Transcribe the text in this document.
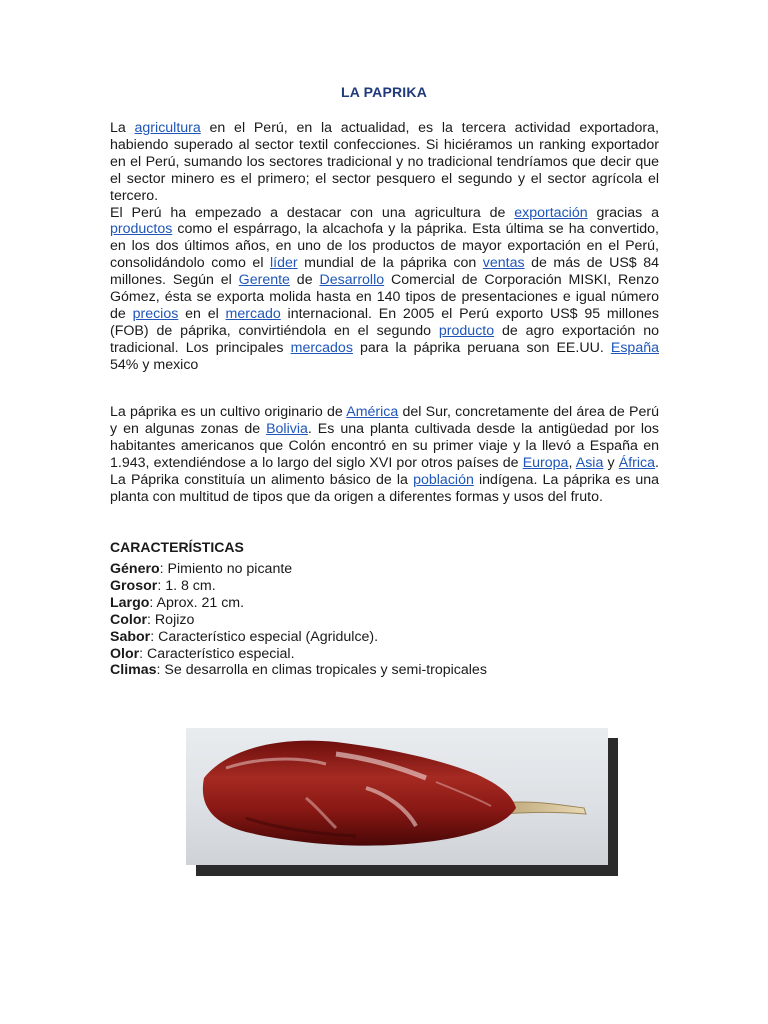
LA PAPRIKA

La agricultura en el Perú, en la actualidad, es la tercera actividad exportadora, habiendo superado al sector textil confecciones. Si hiciéramos un ranking exportador en el Perú, sumando los sectores tradicional y no tradicional tendríamos que decir que el sector minero es el primero; el sector pesquero el segundo y el sector agrícola el tercero.
El Perú ha empezado a destacar con una agricultura de exportación gracias a productos como el espárrago, la alcachofa y la páprika. Esta última se ha convertido, en los dos últimos años, en uno de los productos de mayor exportación en el Perú, consolidándolo como el líder mundial de la páprika con ventas de más de US$ 84 millones. Según el Gerente de Desarrollo Comercial de Corporación MISKI, Renzo Gómez, ésta se exporta molida hasta en 140 tipos de presentaciones e igual número de precios en el mercado internacional. En 2005 el Perú exporto US$ 95 millones (FOB) de páprika, convirtiéndola en el segundo producto de agro exportación no tradicional. Los principales mercados para la páprika peruana son EE.UU. España 54% y mexico

La páprika es un cultivo originario de América del Sur, concretamente del área de Perú y en algunas zonas de Bolivia. Es una planta cultivada desde la antigüedad por los habitantes americanos que Colón encontró en su primer viaje y la llevó a España en 1.943, extendiéndose a lo largo del siglo XVI por otros países de Europa, Asia y África. La Páprika constituía un alimento básico de la población indígena. La páprika es una planta con multitud de tipos que da origen a diferentes formas y usos del fruto.

CARACTERÍSTICAS
Género: Pimiento no picante
Grosor: 1. 8 cm.
Largo: Aprox. 21 cm.
Color: Rojizo
Sabor: Característico especial (Agridulce).
Olor: Característico especial.
Climas: Se desarrolla en climas tropicales y semi-tropicales
